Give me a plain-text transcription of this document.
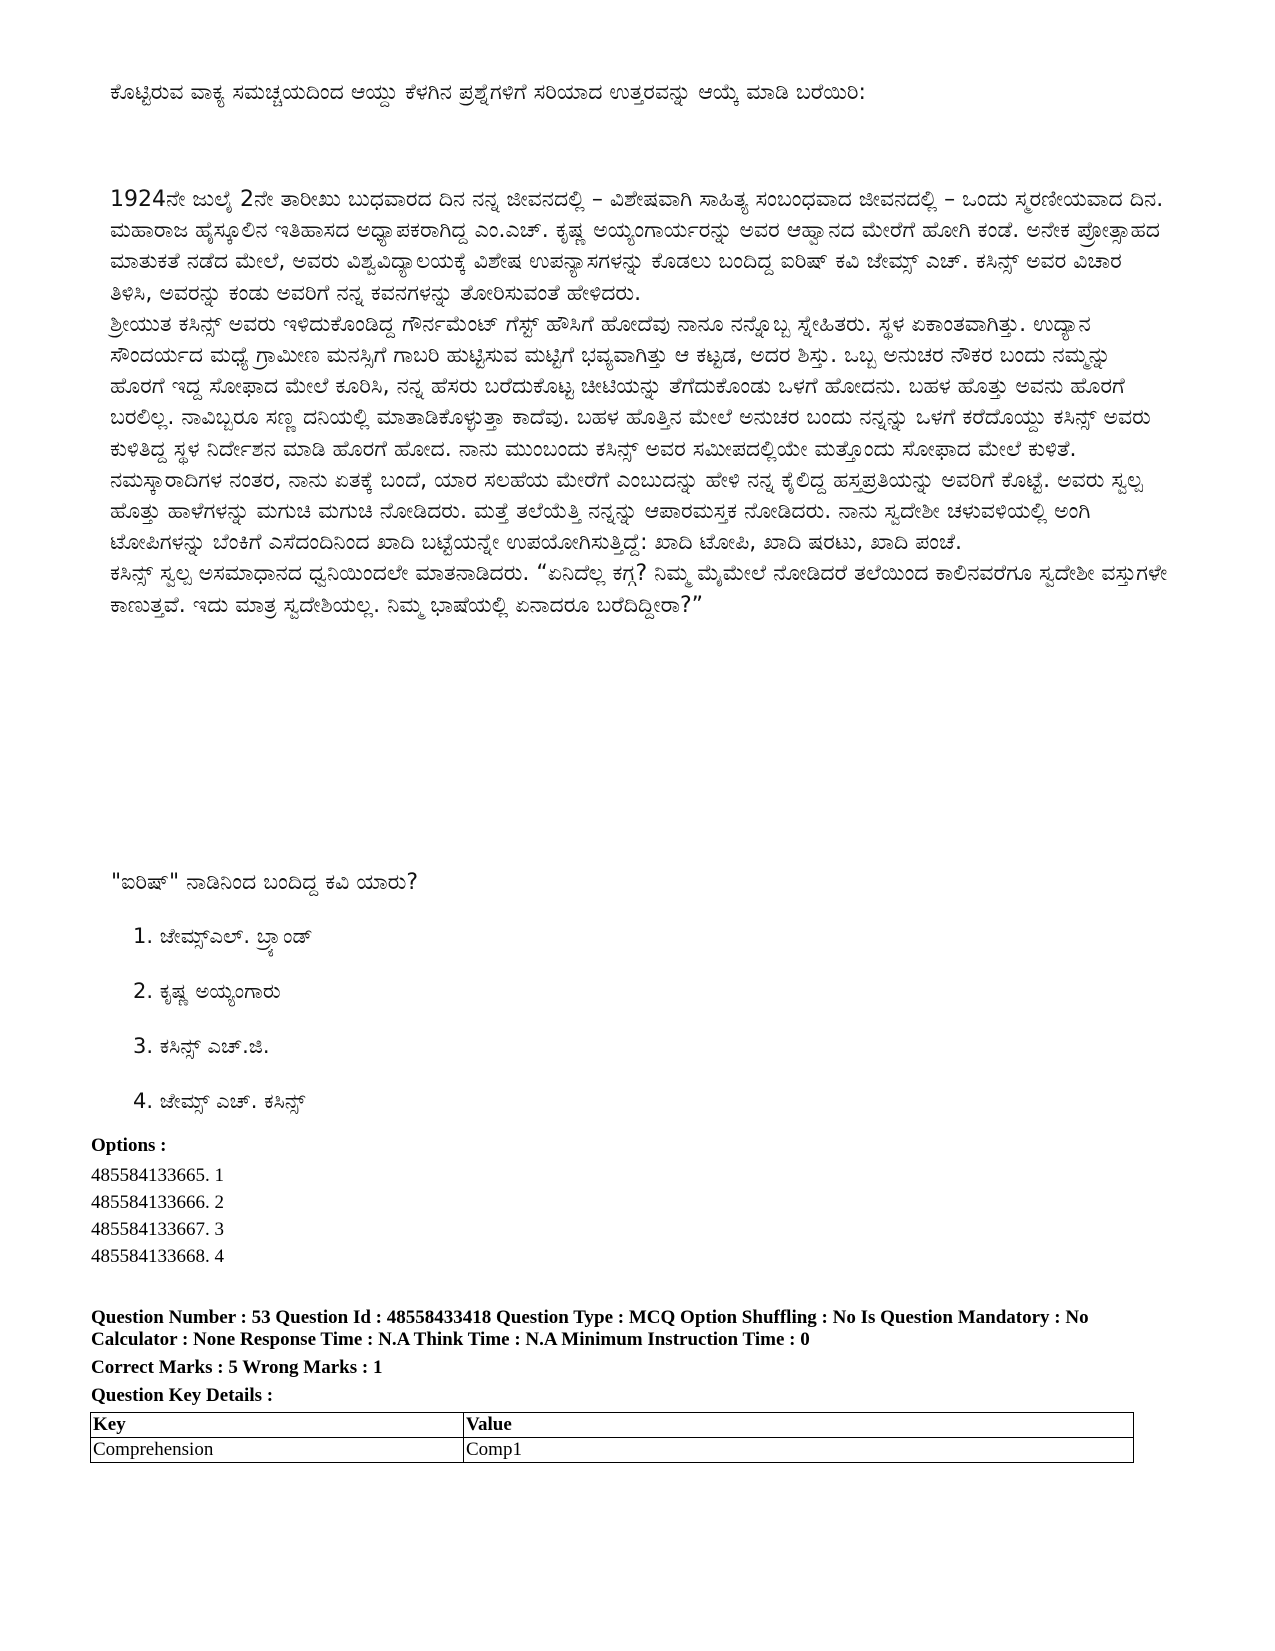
ಕೊಟ್ಟಿರುವ ವಾಕ್ಯ ಸಮಚ್ಚಯದಿಂದ ಆಯ್ದು ಕೆಳಗಿನ ಪ್ರಶ್ನೆಗಳಿಗೆ ಸರಿಯಾದ ಉತ್ತರವನ್ನು ಆಯ್ಕೆ ಮಾಡಿ ಬರೆಯಿರಿ:

1924ನೇ ಜುಲೈ 2ನೇ ತಾರೀಖು ಬುಧವಾರದ ದಿನ ನನ್ನ ಜೀವನದಲ್ಲಿ – ವಿಶೇಷವಾಗಿ ಸಾಹಿತ್ಯ ಸಂಬಂಧವಾದ ಜೀವನದಲ್ಲಿ – ಒಂದು ಸ್ಮರಣೀಯವಾದ ದಿನ. ಮಹಾರಾಜ ಹೈಸ್ಕೂಲಿನ ಇತಿಹಾಸದ ಅಧ್ಯಾಪಕರಾಗಿದ್ದ ಎಂ.ಎಚ್. ಕೃಷ್ಣ ಅಯ್ಯಂಗಾರ್ಯರನ್ನು ಅವರ ಆಹ್ವಾನದ ಮೇರೆಗೆ ಹೋಗಿ ಕಂಡೆ. ಅನೇಕ ಪ್ರೋತ್ಸಾಹದ ಮಾತುಕತೆ ನಡೆದ ಮೇಲೆ, ಅವರು ವಿಶ್ವವಿದ್ಯಾಲಯಕ್ಕೆ ವಿಶೇಷ ಉಪನ್ಯಾಸಗಳನ್ನು ಕೊಡಲು ಬಂದಿದ್ದ ಐರಿಷ್ ಕವಿ ಜೇಮ್ಸ್ ಎಚ್. ಕಸಿನ್ಸ್ ಅವರ ವಿಚಾರ ತಿಳಿಸಿ, ಅವರನ್ನು ಕಂಡು ಅವರಿಗೆ ನನ್ನ ಕವನಗಳನ್ನು ತೋರಿಸುವಂತೆ ಹೇಳಿದರು.

ಶ್ರೀಯುತ ಕಸಿನ್ಸ್ ಅವರು ಇಳಿದುಕೊಂಡಿದ್ದ ಗೌರ್ನಮೆಂಟ್ ಗೆಸ್ಟ್ ಹೌಸಿಗೆ ಹೋದೆವು ನಾನೂ ನನ್ನೊಬ್ಬ ಸ್ನೇಹಿತರು. ಸ್ಥಳ ಏಕಾಂತವಾಗಿತ್ತು. ಉದ್ಯಾನ ಸೌಂದರ್ಯದ ಮಧ್ಯೆ ಗ್ರಾಮೀಣ ಮನಸ್ಸಿಗೆ ಗಾಬರಿ ಹುಟ್ಟಿಸುವ ಮಟ್ಟಿಗೆ ಭವ್ಯವಾಗಿತ್ತು ಆ ಕಟ್ಟಡ, ಅದರ ಶಿಸ್ತು. ಒಬ್ಬ ಅನುಚರ ನೌಕರ ಬಂದು ನಮ್ಮನ್ನು ಹೊರಗೆ ಇದ್ದ ಸೋಫಾದ ಮೇಲೆ ಕೂರಿಸಿ, ನನ್ನ ಹೆಸರು ಬರೆದುಕೊಟ್ಟ ಚೀಟಿಯನ್ನು ತೆಗೆದುಕೊಂಡು ಒಳಗೆ ಹೋದನು. ಬಹಳ ಹೊತ್ತು ಅವನು ಹೊರಗೆ ಬರಲಿಲ್ಲ. ನಾವಿಬ್ಬರೂ ಸಣ್ಣ ದನಿಯಲ್ಲಿ ಮಾತಾಡಿಕೊಳ್ಳುತ್ತಾ ಕಾದೆವು. ಬಹಳ ಹೊತ್ತಿನ ಮೇಲೆ ಅನುಚರ ಬಂದು ನನ್ನನ್ನು ಒಳಗೆ ಕರೆದೊಯ್ದು ಕಸಿನ್ಸ್ ಅವರು ಕುಳಿತಿದ್ದ ಸ್ಥಳ ನಿರ್ದೇಶನ ಮಾಡಿ ಹೊರಗೆ ಹೋದ. ನಾನು ಮುಂಬಂದು ಕಸಿನ್ಸ್ ಅವರ ಸಮೀಪದಲ್ಲಿಯೇ ಮತ್ತೊಂದು ಸೋಫಾದ ಮೇಲೆ ಕುಳಿತೆ. ನಮಸ್ಕಾರಾದಿಗಳ ನಂತರ, ನಾನು ಏತಕ್ಕೆ ಬಂದೆ, ಯಾರ ಸಲಹೆಯ ಮೇರೆಗೆ ಎಂಬುದನ್ನು ಹೇಳಿ ನನ್ನ ಕೈಲಿದ್ದ ಹಸ್ತಪ್ರತಿಯನ್ನು ಅವರಿಗೆ ಕೊಟ್ಟೆ. ಅವರು ಸ್ವಲ್ಪ ಹೊತ್ತು ಹಾಳೆಗಳನ್ನು ಮಗುಚಿ ಮಗುಚಿ ನೋಡಿದರು. ಮತ್ತೆ ತಲೆಯೆತ್ತಿ ನನ್ನನ್ನು ಆಪಾರಮಸ್ತಕ ನೋಡಿದರು. ನಾನು ಸ್ವದೇಶೀ ಚಳುವಳಿಯಲ್ಲಿ ಅಂಗಿ ಟೋಪಿಗಳನ್ನು ಬೆಂಕಿಗೆ ಎಸೆದಂದಿನಿಂದ ಖಾದಿ ಬಟ್ಟೆಯನ್ನೇ ಉಪಯೋಗಿಸುತ್ತಿದ್ದೆ: ಖಾದಿ ಟೋಪಿ, ಖಾದಿ ಷರಟು, ಖಾದಿ ಪಂಚೆ.

ಕಸಿನ್ಸ್ ಸ್ವಲ್ಪ ಅಸಮಾಧಾನದ ಧ್ವನಿಯಿಂದಲೇ ಮಾತನಾಡಿದರು. “ಏನಿದೆಲ್ಲ ಕಗ್ಗ? ನಿಮ್ಮ ಮೈಮೇಲೆ ನೋಡಿದರೆ ತಲೆಯಿಂದ ಕಾಲಿನವರೆಗೂ ಸ್ವದೇಶೀ ವಸ್ತುಗಳೇ ಕಾಣುತ್ತವೆ. ಇದು ಮಾತ್ರ ಸ್ವದೇಶಿಯಲ್ಲ. ನಿಮ್ಮ ಭಾಷೆಯಲ್ಲಿ ಏನಾದರೂ ಬರೆದಿದ್ದೀರಾ?”

"ಐರಿಷ್" ನಾಡಿನಿಂದ ಬಂದಿದ್ದ ಕವಿ ಯಾರು?
1. ಜೇಮ್ಸ್ಎಲ್. ಬ್ರ್ಯಾಂಡ್
2. ಕೃಷ್ಣ ಅಯ್ಯಂಗಾರು
3. ಕಸಿನ್ಸ್ ಎಚ್.ಜಿ.
4. ಜೇಮ್ಸ್ ಎಚ್. ಕಸಿನ್ಸ್
Options :
485584133665. 1
485584133666. 2
485584133667. 3
485584133668. 4
Question Number : 53 Question Id : 48558433418 Question Type : MCQ Option Shuffling : No Is Question Mandatory : No Calculator : None Response Time : N.A Think Time : N.A Minimum Instruction Time : 0
Correct Marks : 5 Wrong Marks : 1
Question Key Details :
Key	Value
Comprehension	Comp1
